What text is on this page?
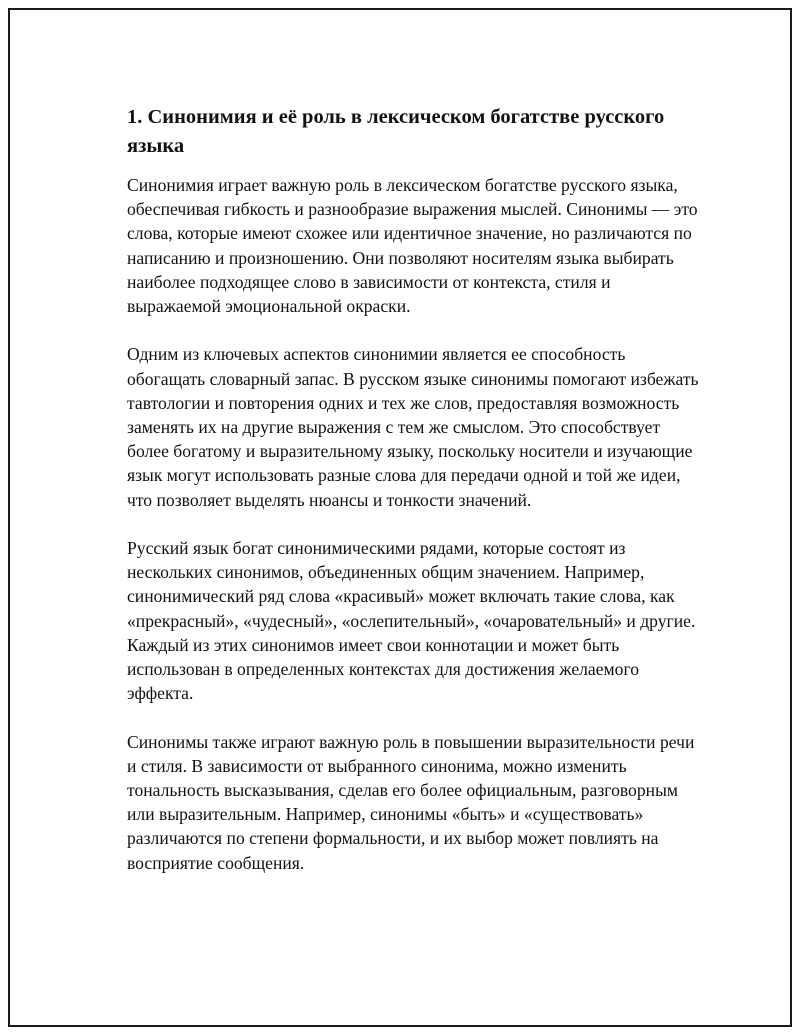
1. Синонимия и её роль в лексическом богатстве русского языка

Синонимия играет важную роль в лексическом богатстве русского языка, обеспечивая гибкость и разнообразие выражения мыслей. Синонимы — это слова, которые имеют схожее или идентичное значение, но различаются по написанию и произношению. Они позволяют носителям языка выбирать наиболее подходящее слово в зависимости от контекста, стиля и выражаемой эмоциональной окраски.

Одним из ключевых аспектов синонимии является ее способность обогащать словарный запас. В русском языке синонимы помогают избежать тавтологии и повторения одних и тех же слов, предоставляя возможность заменять их на другие выражения с тем же смыслом. Это способствует более богатому и выразительному языку, поскольку носители и изучающие язык могут использовать разные слова для передачи одной и той же идеи, что позволяет выделять нюансы и тонкости значений.

Русский язык богат синонимическими рядами, которые состоят из нескольких синонимов, объединенных общим значением. Например, синонимический ряд слова «красивый» может включать такие слова, как «прекрасный», «чудесный», «ослепительный», «очаровательный» и другие. Каждый из этих синонимов имеет свои коннотации и может быть использован в определенных контекстах для достижения желаемого эффекта.

Синонимы также играют важную роль в повышении выразительности речи и стиля. В зависимости от выбранного синонима, можно изменить тональность высказывания, сделав его более официальным, разговорным или выразительным. Например, синонимы «быть» и «существовать» различаются по степени формальности, и их выбор может повлиять на восприятие сообщения.
